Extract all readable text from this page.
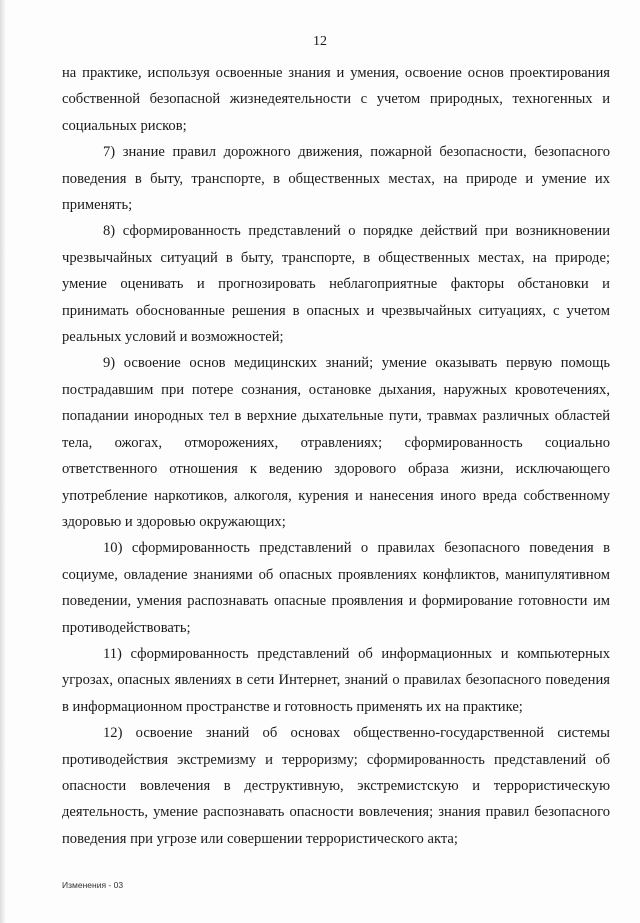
12

на практике, используя освоенные знания и умения, освоение основ проектирования собственной безопасной жизнедеятельности с учетом природных, техногенных и социальных рисков;

7) знание правил дорожного движения, пожарной безопасности, безопасного поведения в быту, транспорте, в общественных местах, на природе и умение их применять;

8) сформированность представлений о порядке действий при возникновении чрезвычайных ситуаций в быту, транспорте, в общественных местах, на природе; умение оценивать и прогнозировать неблагоприятные факторы обстановки и принимать обоснованные решения в опасных и чрезвычайных ситуациях, с учетом реальных условий и возможностей;

9) освоение основ медицинских знаний; умение оказывать первую помощь пострадавшим при потере сознания, остановке дыхания, наружных кровотечениях, попадании инородных тел в верхние дыхательные пути, травмах различных областей тела, ожогах, отморожениях, отравлениях; сформированность социально ответственного отношения к ведению здорового образа жизни, исключающего употребление наркотиков, алкоголя, курения и нанесения иного вреда собственному здоровью и здоровью окружающих;

10) сформированность представлений о правилах безопасного поведения в социуме, овладение знаниями об опасных проявлениях конфликтов, манипулятивном поведении, умения распознавать опасные проявления и формирование готовности им противодействовать;

11) сформированность представлений об информационных и компьютерных угрозах, опасных явлениях в сети Интернет, знаний о правилах безопасного поведения в информационном пространстве и готовность применять их на практике;

12) освоение знаний об основах общественно-государственной системы противодействия экстремизму и терроризму; сформированность представлений об опасности вовлечения в деструктивную, экстремистскую и террористическую деятельность, умение распознавать опасности вовлечения; знания правил безопасного поведения при угрозе или совершении террористического акта;

Изменения - 03
